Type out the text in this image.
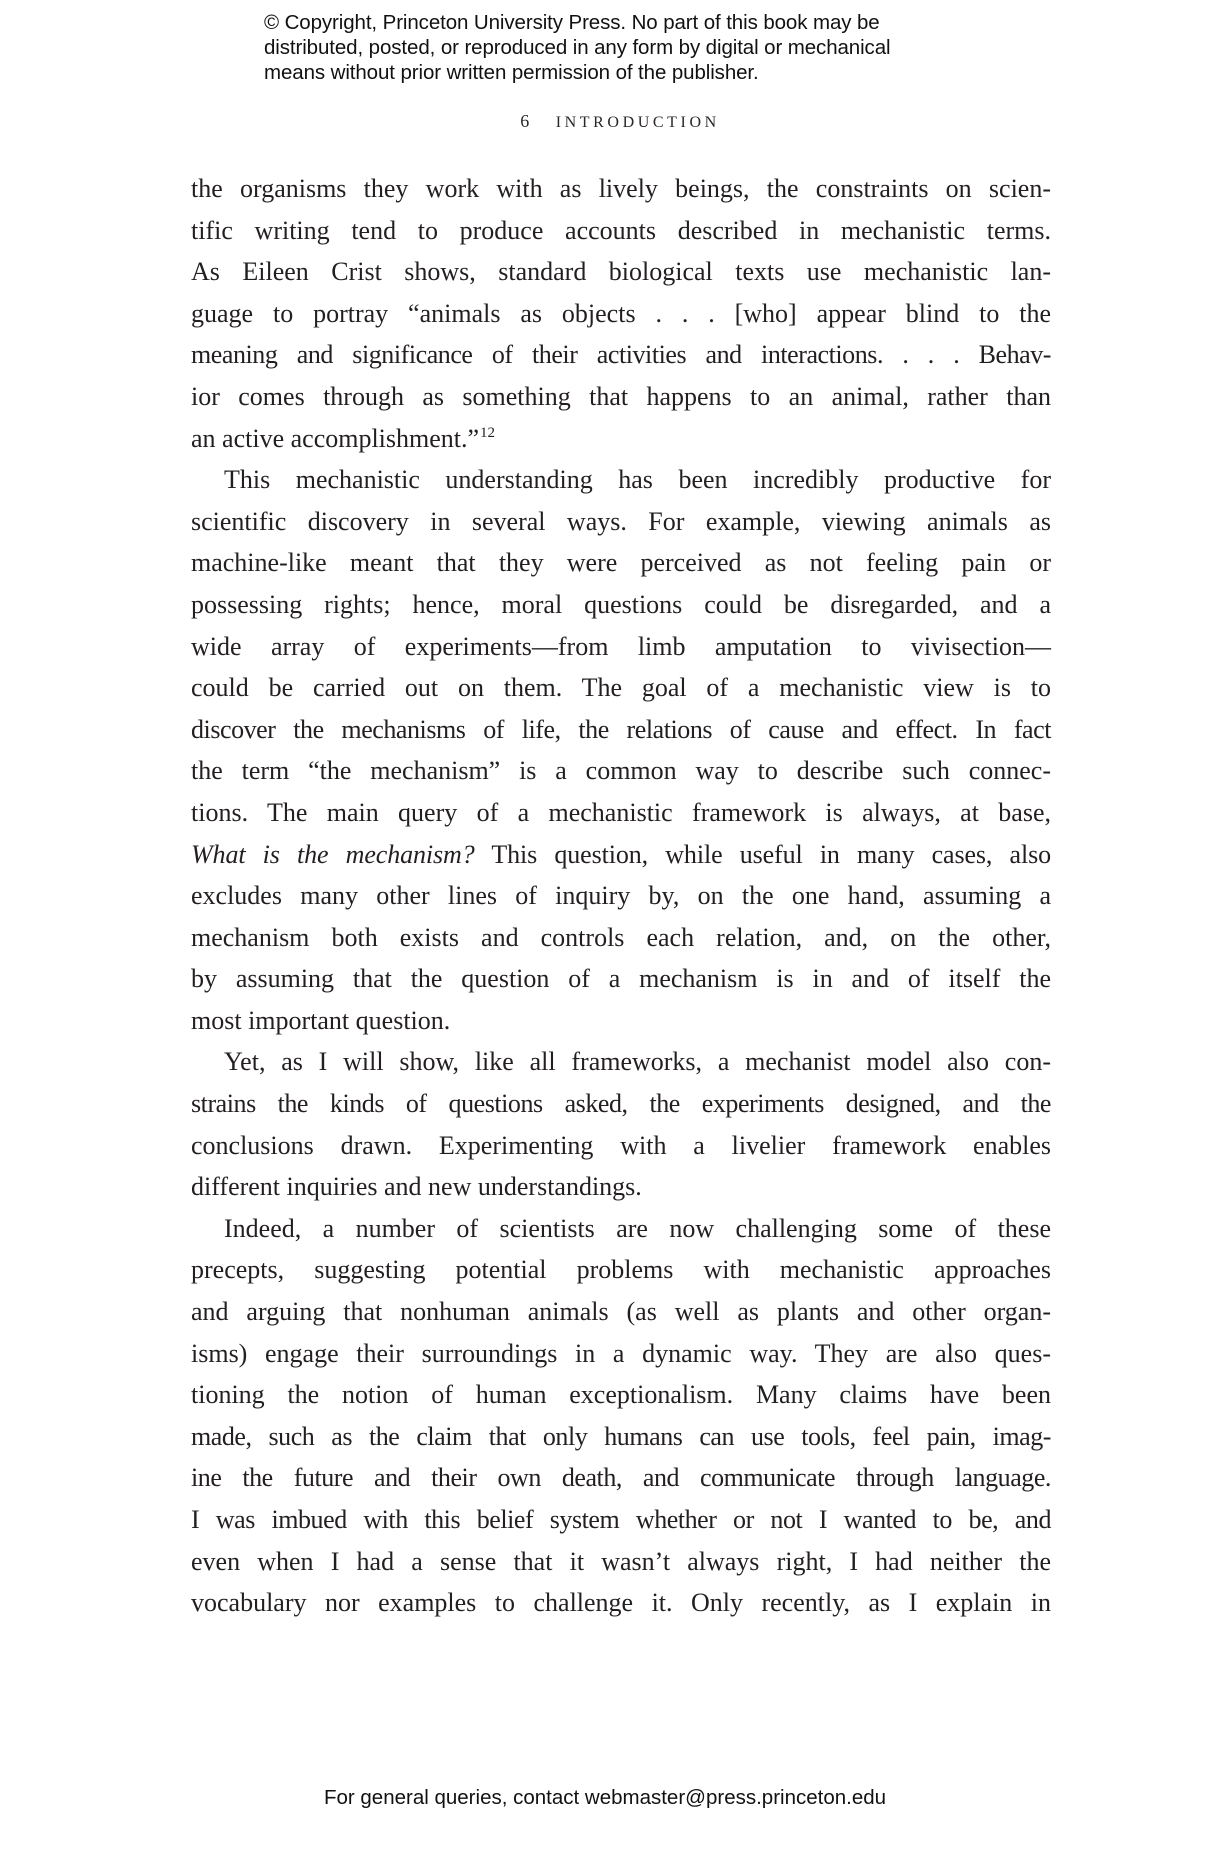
© Copyright, Princeton University Press. No part of this book may be
distributed, posted, or reproduced in any form by digital or mechanical
means without prior written permission of the publisher.
6 INTRODUCTION
the organisms they work with as lively beings, the constraints on scien-
tific writing tend to produce accounts described in mechanistic terms.
As Eileen Crist shows, standard biological texts use mechanistic lan-
guage to portray “animals as objects . . . [who] appear blind to the
meaning and significance of their activities and interactions. . . . Behav-
ior comes through as something that happens to an animal, rather than
an active accomplishment.”$^{12}$
This mechanistic understanding has been incredibly productive for
scientific discovery in several ways. For example, viewing animals as
machine-like meant that they were perceived as not feeling pain or
possessing rights; hence, moral questions could be disregarded, and a
wide array of experiments—from limb amputation to vivisection—
could be carried out on them. The goal of a mechanistic view is to
discover the mechanisms of life, the relations of cause and effect. In fact
the term “the mechanism” is a common way to describe such connec-
tions. The main query of a mechanistic framework is always, at base,
What is the mechanism? This question, while useful in many cases, also
excludes many other lines of inquiry by, on the one hand, assuming a
mechanism both exists and controls each relation, and, on the other,
by assuming that the question of a mechanism is in and of itself the
most important question.
Yet, as I will show, like all frameworks, a mechanist model also con-
strains the kinds of questions asked, the experiments designed, and the
conclusions drawn. Experimenting with a livelier framework enables
different inquiries and new understandings.
Indeed, a number of scientists are now challenging some of these
precepts, suggesting potential problems with mechanistic approaches
and arguing that nonhuman animals (as well as plants and other organ-
isms) engage their surroundings in a dynamic way. They are also ques-
tioning the notion of human exceptionalism. Many claims have been
made, such as the claim that only humans can use tools, feel pain, imag-
ine the future and their own death, and communicate through language.
I was imbued with this belief system whether or not I wanted to be, and
even when I had a sense that it wasn’t always right, I had neither the
vocabulary nor examples to challenge it. Only recently, as I explain in
For general queries, contact webmaster@press.princeton.edu
